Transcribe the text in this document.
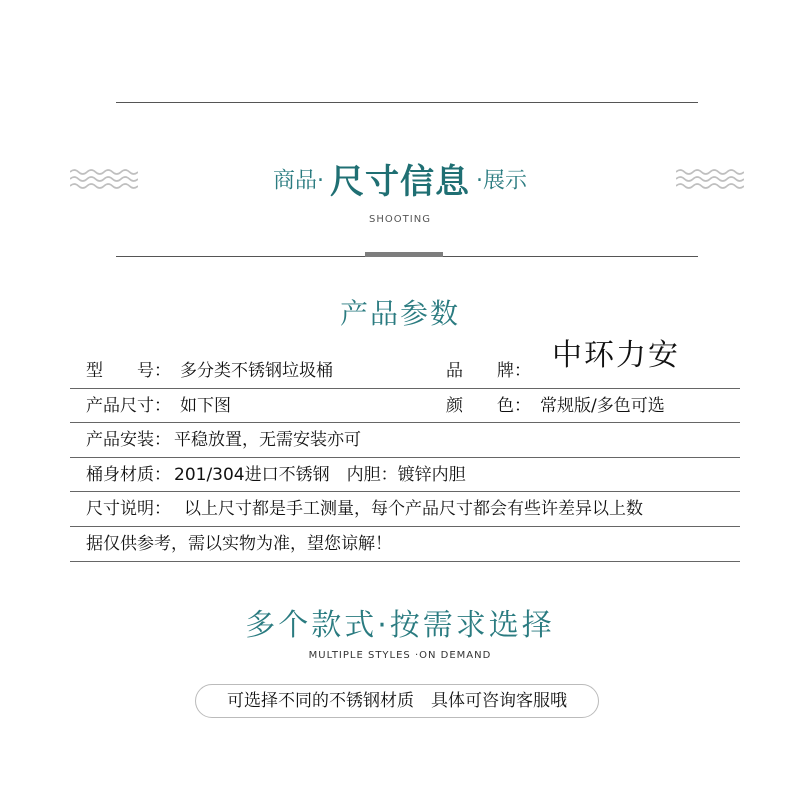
商品· 尺寸信息 ·展示
SHOOTING
产品参数
中环力安
型　　号： 多分类不锈钢垃圾桶	品　　牌：
产品尺寸： 如下图	颜　　色： 常规版/多色可选
产品安装： 平稳放置，无需安装亦可
桶身材质： 201/304进口不锈钢　内胆：镀锌内胆
尺寸说明： 以上尺寸都是手工测量，每个产品尺寸都会有些许差异以上数
据仅供参考，需以实物为准，望您谅解！
多个款式·按需求选择
MULTIPLE STYLES ·ON DEMAND
可选择不同的不锈钢材质　具体可咨询客服哦
